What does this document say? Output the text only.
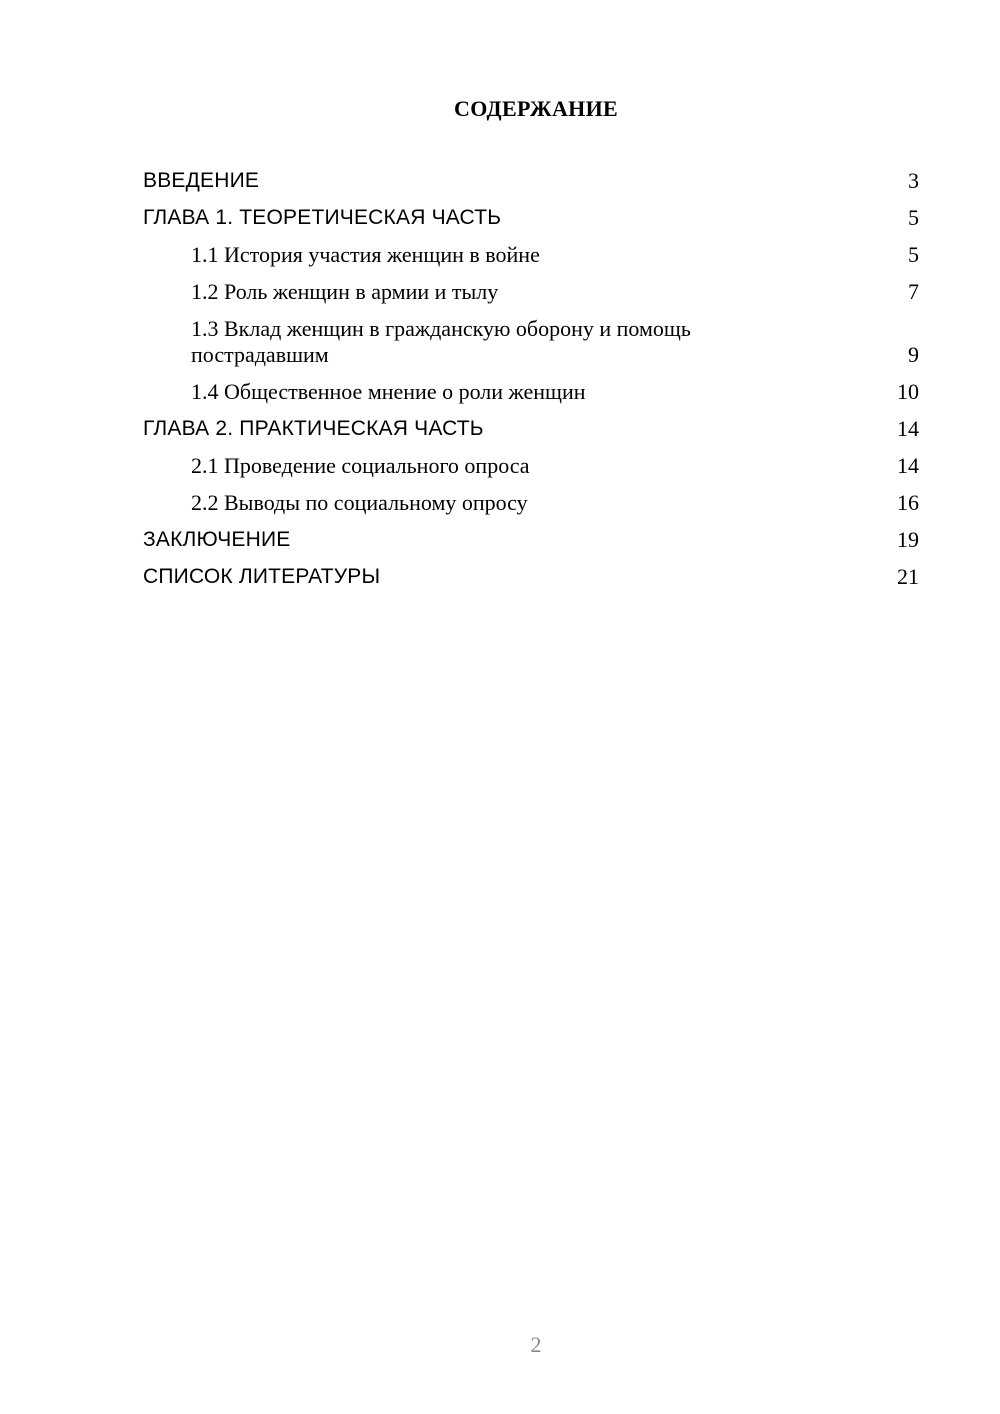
СОДЕРЖАНИЕ
ВВЕДЕНИЕ	3
ГЛАВА 1. ТЕОРЕТИЧЕСКАЯ ЧАСТЬ	5
1.1 История участия женщин в войне	5
1.2 Роль женщин в армии и тылу	7
1.3 Вклад женщин в гражданскую оборону и помощь пострадавшим	9
1.4 Общественное мнение о роли женщин	10
ГЛАВА 2. ПРАКТИЧЕСКАЯ ЧАСТЬ	14
2.1 Проведение социального опроса	14
2.2 Выводы по социальному опросу	16
ЗАКЛЮЧЕНИЕ	19
СПИСОК ЛИТЕРАТУРЫ	21
2
